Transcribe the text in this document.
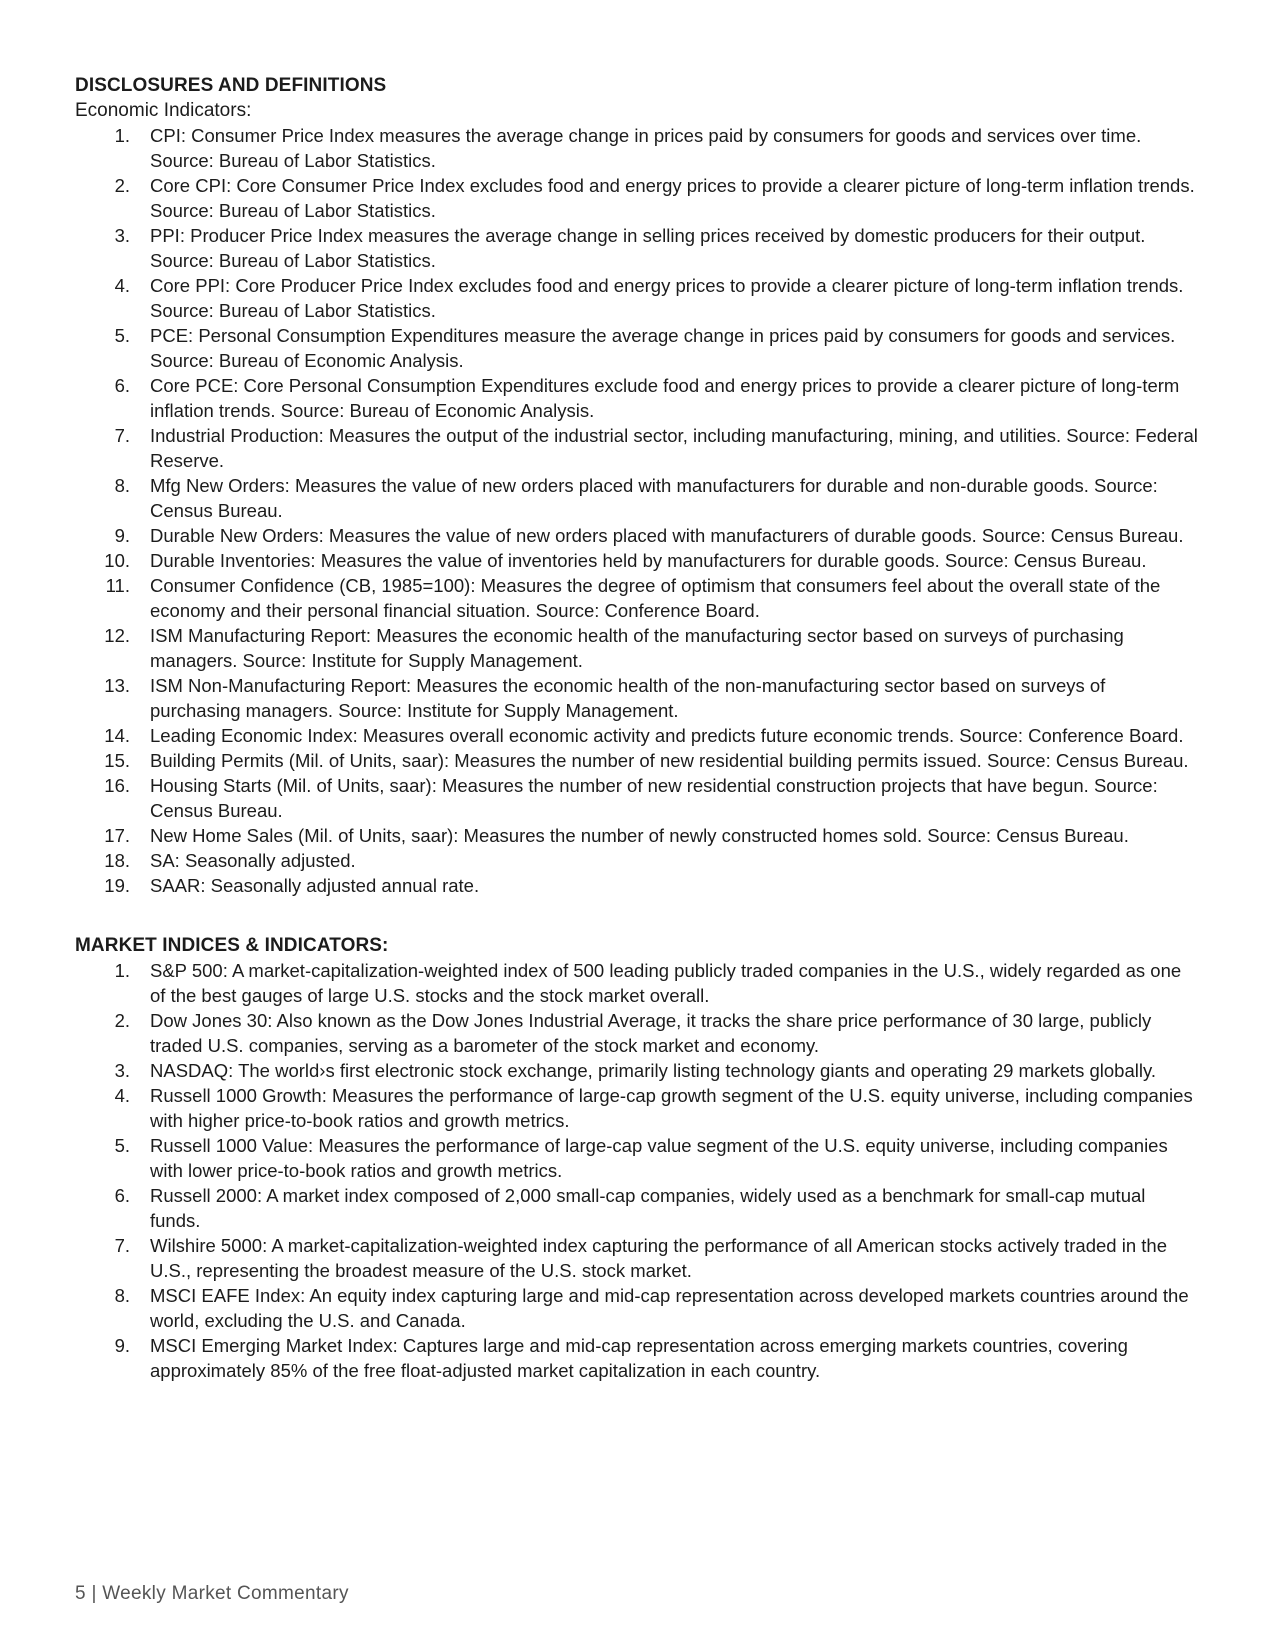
DISCLOSURES AND DEFINITIONS

Economic Indicators:

1. CPI: Consumer Price Index measures the average change in prices paid by consumers for goods and services over time. Source: Bureau of Labor Statistics.
2. Core CPI: Core Consumer Price Index excludes food and energy prices to provide a clearer picture of long-term inflation trends. Source: Bureau of Labor Statistics.
3. PPI: Producer Price Index measures the average change in selling prices received by domestic producers for their output. Source: Bureau of Labor Statistics.
4. Core PPI: Core Producer Price Index excludes food and energy prices to provide a clearer picture of long-term inflation trends. Source: Bureau of Labor Statistics.
5. PCE: Personal Consumption Expenditures measure the average change in prices paid by consumers for goods and services. Source: Bureau of Economic Analysis.
6. Core PCE: Core Personal Consumption Expenditures exclude food and energy prices to provide a clearer picture of long-term inflation trends. Source: Bureau of Economic Analysis.
7. Industrial Production: Measures the output of the industrial sector, including manufacturing, mining, and utilities. Source: Federal Reserve.
8. Mfg New Orders: Measures the value of new orders placed with manufacturers for durable and non-durable goods. Source: Census Bureau.
9. Durable New Orders: Measures the value of new orders placed with manufacturers of durable goods. Source: Census Bureau.
10. Durable Inventories: Measures the value of inventories held by manufacturers for durable goods. Source: Census Bureau.
11. Consumer Confidence (CB, 1985=100): Measures the degree of optimism that consumers feel about the overall state of the economy and their personal financial situation. Source: Conference Board.
12. ISM Manufacturing Report: Measures the economic health of the manufacturing sector based on surveys of purchasing managers. Source: Institute for Supply Management.
13. ISM Non-Manufacturing Report: Measures the economic health of the non-manufacturing sector based on surveys of purchasing managers. Source: Institute for Supply Management.
14. Leading Economic Index: Measures overall economic activity and predicts future economic trends. Source: Conference Board.
15. Building Permits (Mil. of Units, saar): Measures the number of new residential building permits issued. Source: Census Bureau.
16. Housing Starts (Mil. of Units, saar): Measures the number of new residential construction projects that have begun. Source: Census Bureau.
17. New Home Sales (Mil. of Units, saar): Measures the number of newly constructed homes sold. Source: Census Bureau.
18. SA: Seasonally adjusted.
19. SAAR: Seasonally adjusted annual rate.
MARKET INDICES & INDICATORS:
1. S&P 500: A market-capitalization-weighted index of 500 leading publicly traded companies in the U.S., widely regarded as one of the best gauges of large U.S. stocks and the stock market overall.
2. Dow Jones 30: Also known as the Dow Jones Industrial Average, it tracks the share price performance of 30 large, publicly traded U.S. companies, serving as a barometer of the stock market and economy.
3. NASDAQ: The world›s first electronic stock exchange, primarily listing technology giants and operating 29 markets globally.
4. Russell 1000 Growth: Measures the performance of large-cap growth segment of the U.S. equity universe, including companies with higher price-to-book ratios and growth metrics.
5. Russell 1000 Value: Measures the performance of large-cap value segment of the U.S. equity universe, including companies with lower price-to-book ratios and growth metrics.
6. Russell 2000: A market index composed of 2,000 small-cap companies, widely used as a benchmark for small-cap mutual funds.
7. Wilshire 5000: A market-capitalization-weighted index capturing the performance of all American stocks actively traded in the U.S., representing the broadest measure of the U.S. stock market.
8. MSCI EAFE Index: An equity index capturing large and mid-cap representation across developed markets countries around the world, excluding the U.S. and Canada.
9. MSCI Emerging Market Index: Captures large and mid-cap representation across emerging markets countries, covering approximately 85% of the free float-adjusted market capitalization in each country.
5 | Weekly Market Commentary
